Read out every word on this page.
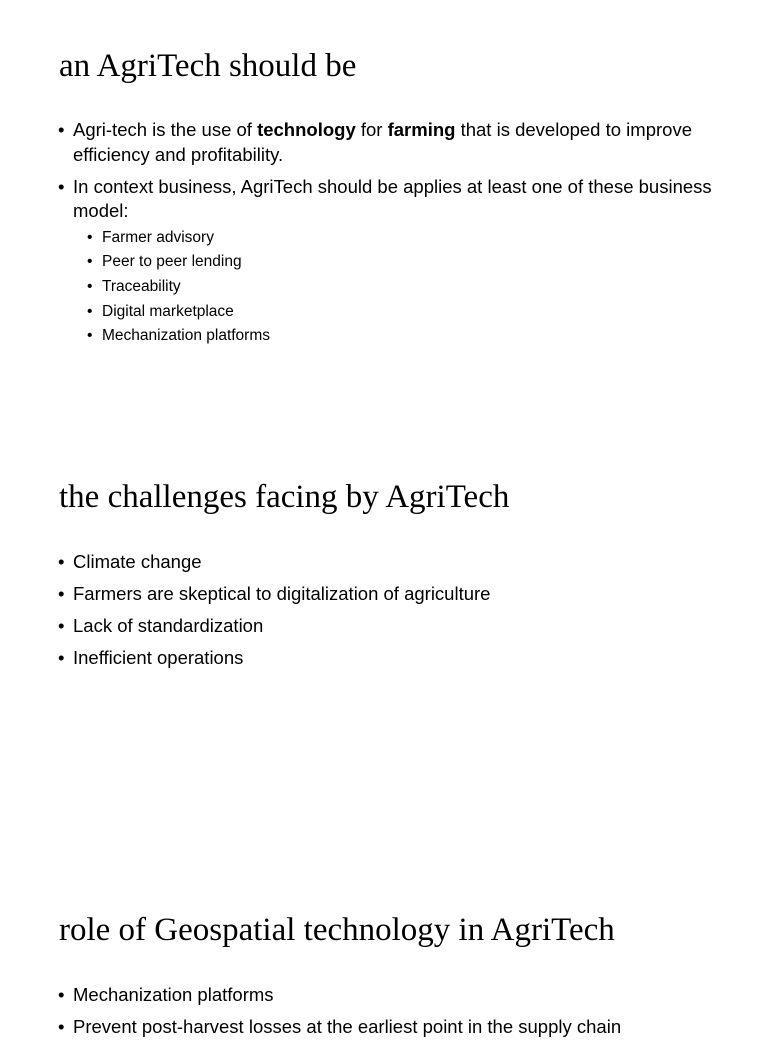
an AgriTech should be
• Agri-tech is the use of technology for farming that is developed to improve efficiency and profitability.
• In context business, AgriTech should be applies at least one of these business model:
• Farmer advisory
• Peer to peer lending
• Traceability
• Digital marketplace
• Mechanization platforms
the challenges facing by AgriTech
• Climate change
• Farmers are skeptical to digitalization of agriculture
• Lack of standardization
• Inefficient operations
role of Geospatial technology in AgriTech
• Mechanization platforms
• Prevent post-harvest losses at the earliest point in the supply chain
